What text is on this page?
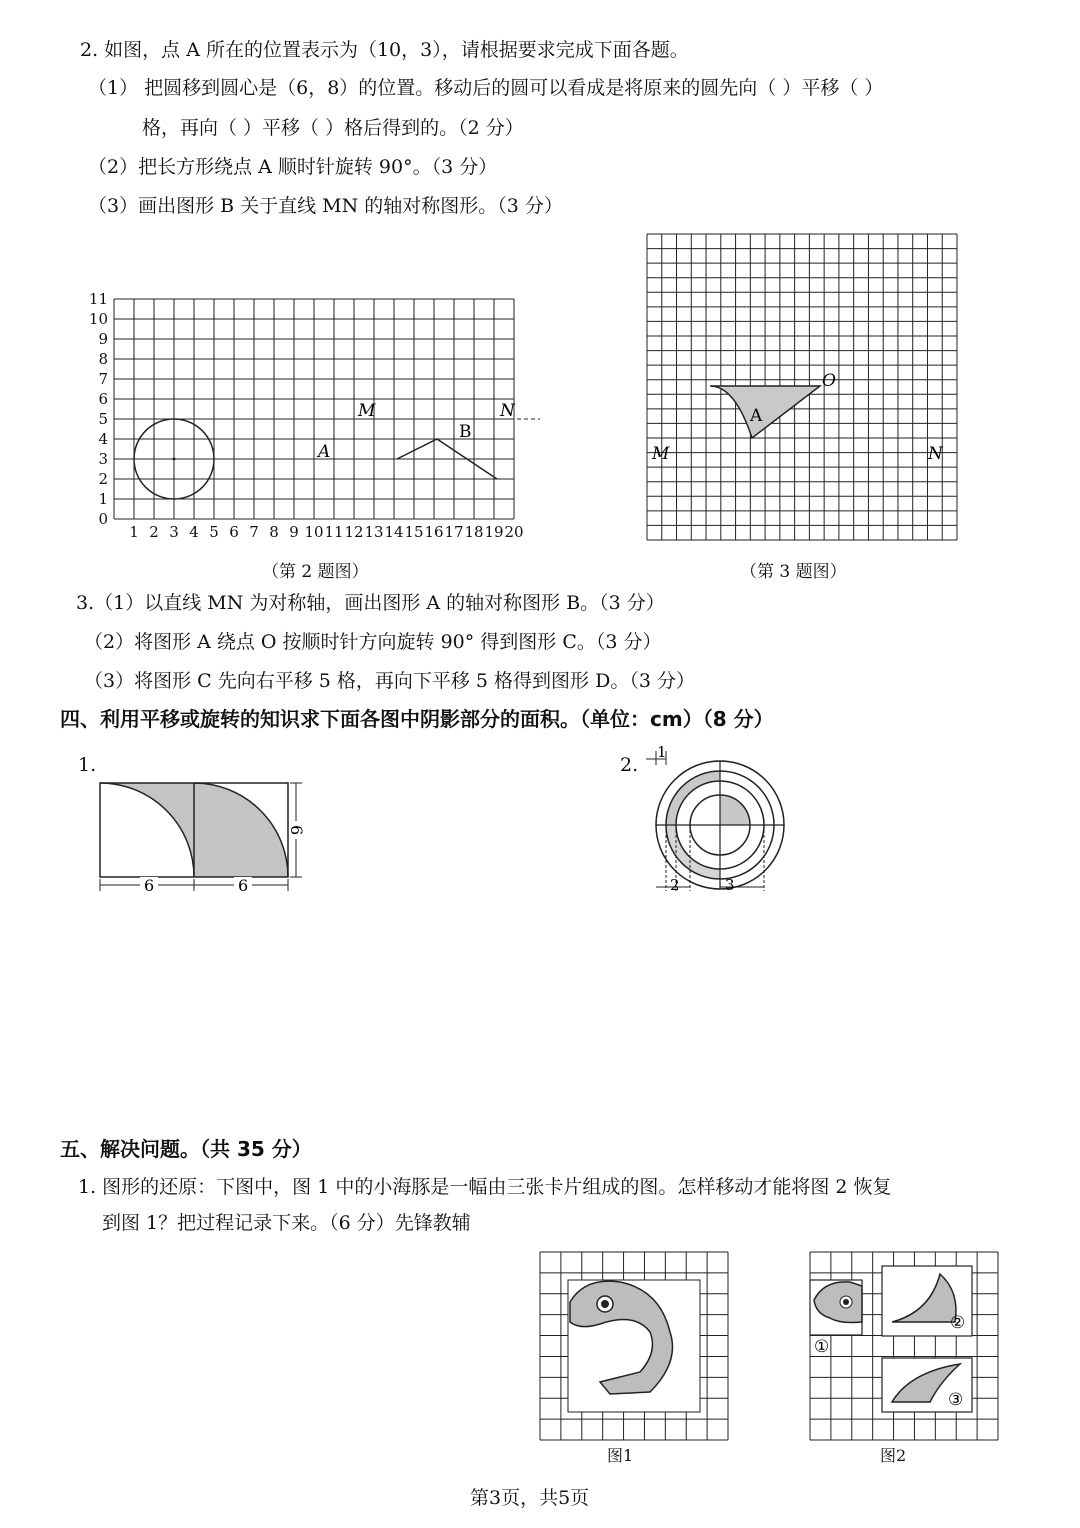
2. 如图，点 A 所在的位置表示为（10，3），请根据要求完成下面各题。
（1） 把圆移到圆心是（6，8）的位置。移动后的圆可以看成是将原来的圆先向（ ）平移（ ）
格，再向（ ）平移（ ）格后得到的。（2 分）
（2）把长方形绕点 A 顺时针旋转 90°。（3 分）
（3）画出图形 B 关于直线 MN 的轴对称图形。（3 分）
0
1
2
3
4
5
6
7
8
9
10
11
1 2 3 4 5 6 7 8 9 10 11 12 13 14 15 16 17 18 19 20
A
M	N
B
A
O
M	N
（第 2 题图）	（第 3 题图）
3.（1）以直线 MN 为对称轴，画出图形 A 的轴对称图形 B。（3 分）
（2）将图形 A 绕点 O 按顺时针方向旋转 90° 得到图形 C。（3 分）
（3）将图形 C 先向右平移 5 格，再向下平移 5 格得到图形 D。（3 分）
四、利用平移或旋转的知识求下面各图中阴影部分的面积。（单位：cm）（8 分）
1.	2.
6	6
6
1
2	3
五、解决问题。（共 35 分）
1. 图形的还原：下图中，图 1 中的小海豚是一幅由三张卡片组成的图。怎样移动才能将图 2 恢复
到图 1？把过程记录下来。（6 分）先锋教辅
图1
①
②
③
图2
第3页，共5页
